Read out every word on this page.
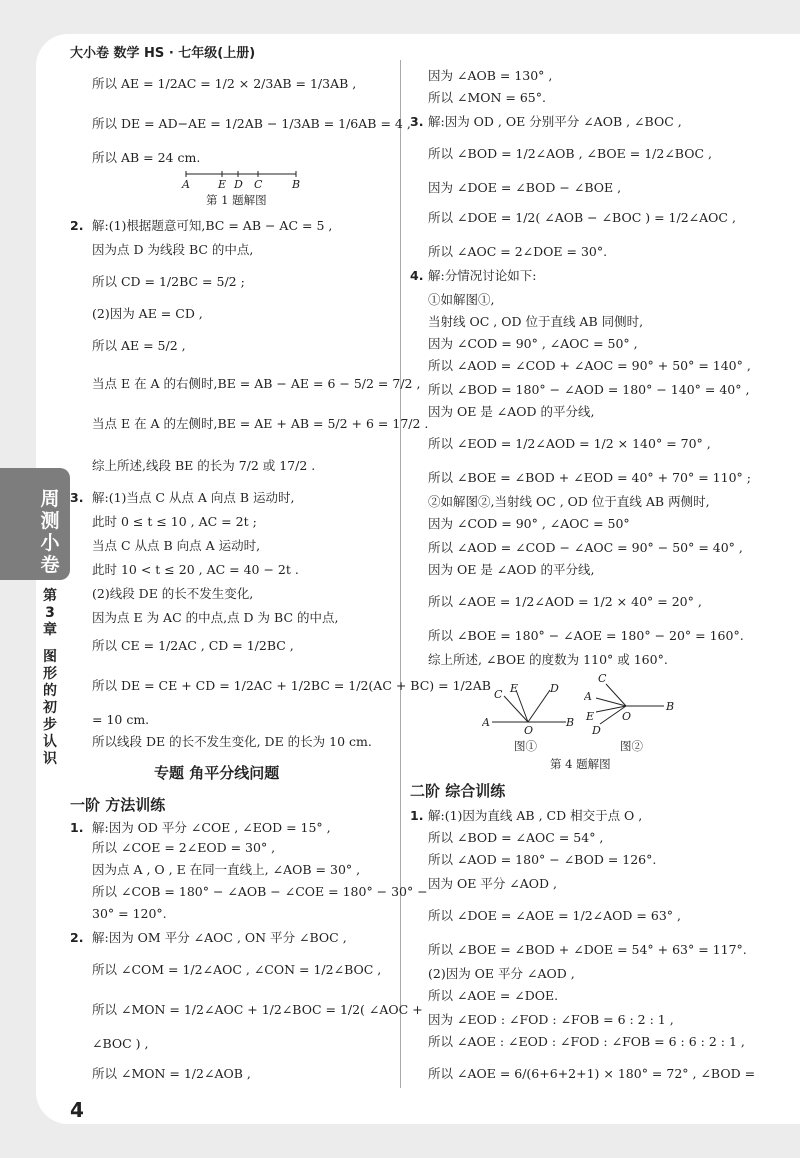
大小卷 数学 HS · 七年级(上册)
周
测
小
卷
第
3
章
图
形
的
初
步
认
识
4
所以 AE = 1/2AC = 1/2 × 2/3AB = 1/3AB ,
所以 DE = AD−AE = 1/2AB − 1/3AB = 1/6AB = 4 ,
所以 AB = 24 cm.
A	E D C	B
第 1 题解图
2. 解:(1)根据题意可知,BC = AB − AC = 5 ,
因为点 D 为线段 BC 的中点,
所以 CD = 1/2BC = 5/2 ;
(2)因为 AE = CD ,
所以 AE = 5/2 ,
当点 E 在 A 的右侧时,BE = AB − AE = 6 − 5/2 = 7/2 ,
当点 E 在 A 的左侧时,BE = AE + AB = 5/2 + 6 = 17/2 .
综上所述,线段 BE 的长为 7/2 或 17/2 .
3. 解:(1)当点 C 从点 A 向点 B 运动时,
此时 0 ≤ t ≤ 10 , AC = 2t ;
当点 C 从点 B 向点 A 运动时,
此时 10 < t ≤ 20 , AC = 40 − 2t .
(2)线段 DE 的长不发生变化,
因为点 E 为 AC 的中点,点 D 为 BC 的中点,
所以 CE = 1/2AC , CD = 1/2BC ,
所以 DE = CE + CD = 1/2AC + 1/2BC = 1/2(AC + BC) = 1/2AB
= 10 cm.
所以线段 DE 的长不发生变化, DE 的长为 10 cm.
专题 角平分线问题
一阶 方法训练
1. 解:因为 OD 平分 ∠COE , ∠EOD = 15° ,
所以 ∠COE = 2∠EOD = 30° ,
因为点 A , O , E 在同一直线上, ∠AOB = 30° ,
所以 ∠COB = 180° − ∠AOB − ∠COE = 180° − 30° −
30° = 120°.
2. 解:因为 OM 平分 ∠AOC , ON 平分 ∠BOC ,
所以 ∠COM = 1/2∠AOC , ∠CON = 1/2∠BOC ,
所以 ∠MON = 1/2∠AOC + 1/2∠BOC = 1/2( ∠AOC +
∠BOC ) ,
所以 ∠MON = 1/2∠AOB ,
因为 ∠AOB = 130° ,
所以 ∠MON = 65°.
3. 解:因为 OD , OE 分别平分 ∠AOB , ∠BOC ,
所以 ∠BOD = 1/2∠AOB , ∠BOE = 1/2∠BOC ,
因为 ∠DOE = ∠BOD − ∠BOE ,
所以 ∠DOE = 1/2( ∠AOB − ∠BOC ) = 1/2∠AOC ,
所以 ∠AOC = 2∠DOE = 30°.
4. 解:分情况讨论如下:
①如解图①,
当射线 OC , OD 位于直线 AB 同侧时,
因为 ∠COD = 90° , ∠AOC = 50° ,
所以 ∠AOD = ∠COD + ∠AOC = 90° + 50° = 140° ,
所以 ∠BOD = 180° − ∠AOD = 180° − 140° = 40° ,
因为 OE 是 ∠AOD 的平分线,
所以 ∠EOD = 1/2∠AOD = 1/2 × 140° = 70° ,
所以 ∠BOE = ∠BOD + ∠EOD = 40° + 70° = 110° ;
②如解图②,当射线 OC , OD 位于直线 AB 两侧时,
因为 ∠COD = 90° , ∠AOC = 50°
所以 ∠AOD = ∠COD − ∠AOC = 90° − 50° = 40° ,
因为 OE 是 ∠AOD 的平分线,
所以 ∠AOE = 1/2∠AOD = 1/2 × 40° = 20° ,
所以 ∠BOE = 180° − ∠AOE = 180° − 20° = 160°.
综上所述, ∠BOE 的度数为 110° 或 160°.
C E	D
A
O
B
图①
C
A
E
D
O
B
图②
第 4 题解图
二阶 综合训练
1. 解:(1)因为直线 AB , CD 相交于点 O ,
所以 ∠BOD = ∠AOC = 54° ,
所以 ∠AOD = 180° − ∠BOD = 126°.
因为 OE 平分 ∠AOD ,
所以 ∠DOE = ∠AOE = 1/2∠AOD = 63° ,
所以 ∠BOE = ∠BOD + ∠DOE = 54° + 63° = 117°.
(2)因为 OE 平分 ∠AOD ,
所以 ∠AOE = ∠DOE.
因为 ∠EOD : ∠FOD : ∠FOB = 6 : 2 : 1 ,
所以 ∠AOE : ∠EOD : ∠FOD : ∠FOB = 6 : 6 : 2 : 1 ,
所以 ∠AOE = 6/(6+6+2+1) × 180° = 72° , ∠BOD =
